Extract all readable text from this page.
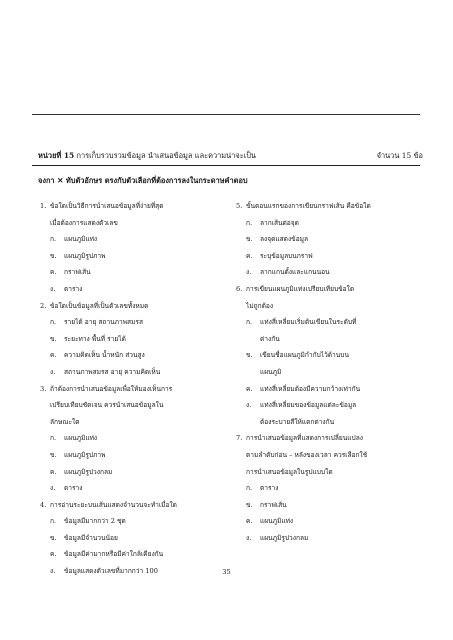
หน่วยที่ 15 การเก็บรวบรวมข้อมูล นำเสนอข้อมูล และความน่าจะเป็น	จำนวน 15 ข้อ
จงกา ✕ ทับตัวอักษร ตรงกับตัวเลือกที่ต้องการลงในกระดาษคำตอบ
1. ข้อใดเป็นวิธีการนำเสนอข้อมูลที่ง่ายที่สุด
เมื่อต้องการแสดงตัวเลข
ก.	แผนภูมิแท่ง
ข.	แผนภูมิรูปภาพ
ค.	กราฟเส้น
ง.	ตาราง
2. ข้อใดเป็นข้อมูลที่เป็นตัวเลขทั้งหมด
ก.	รายได้ อายุ สถานภาพสมรส
ข.	ระยะทาง พื้นที่ รายได้
ค.	ความคิดเห็น น้ำหนัก ส่วนสูง
ง.	สถานภาพสมรส อายุ ความคิดเห็น
3. ถ้าต้องการนำเสนอข้อมูลเพื่อให้มองเห็นการ
เปรียบเทียบชัดเจน ควรนำเสนอข้อมูลใน
ลักษณะใด
ก.	แผนภูมิแท่ง
ข.	แผนภูมิรูปภาพ
ค.	แผนภูมิรูปวงกลม
ง.	ตาราง
4. การอ่านระยะบนเส้นแสดงจำนวนจะทำเมื่อใด
ก.	ข้อมูลมีมากกว่า 2 ชุด
ข.	ข้อมูลมีจำนวนน้อย
ค.	ข้อมูลมีค่ามากหรือมีค่าใกล้เคียงกัน
ง.	ข้อมูลแสดงตัวเลขที่มากกว่า 100
5. ขั้นตอนแรกของการเขียนกราฟเส้น คือข้อใด
ก.	ลากเส้นต่อจุด
ข.	ลงจุดแสดงข้อมูล
ค.	ระบุข้อมูลบนกราฟ
ง.	ลากแกนตั้งและแกนนอน
6. การเขียนแผนภูมิแท่งเปรียบเทียบข้อใด
ไม่ถูกต้อง
ก.	แท่งสี่เหลี่ยมเริ่มต้นเขียนในระดับที่
ต่างกัน
ข.	เขียนชื่อแผนภูมิกำกับไว้ด้านบน
แผนภูมิ
ค.	แท่งสี่เหลี่ยมต้องมีความกว้างเท่ากัน
ง.	แท่งสี่เหลี่ยมของข้อมูลแต่ละข้อมูล
ต้องระบายสีให้แตกต่างกัน
7. การนำเสนอข้อมูลที่แสดงการเปลี่ยนแปลง
ตามลำดับก่อน – หลังของเวลา ควรเลือกใช้
การนำเสนอข้อมูลในรูปแบบใด
ก.	ตาราง
ข.	กราฟเส้น
ค.	แผนภูมิแท่ง
ง.	แผนภูมิรูปวงกลม
35
